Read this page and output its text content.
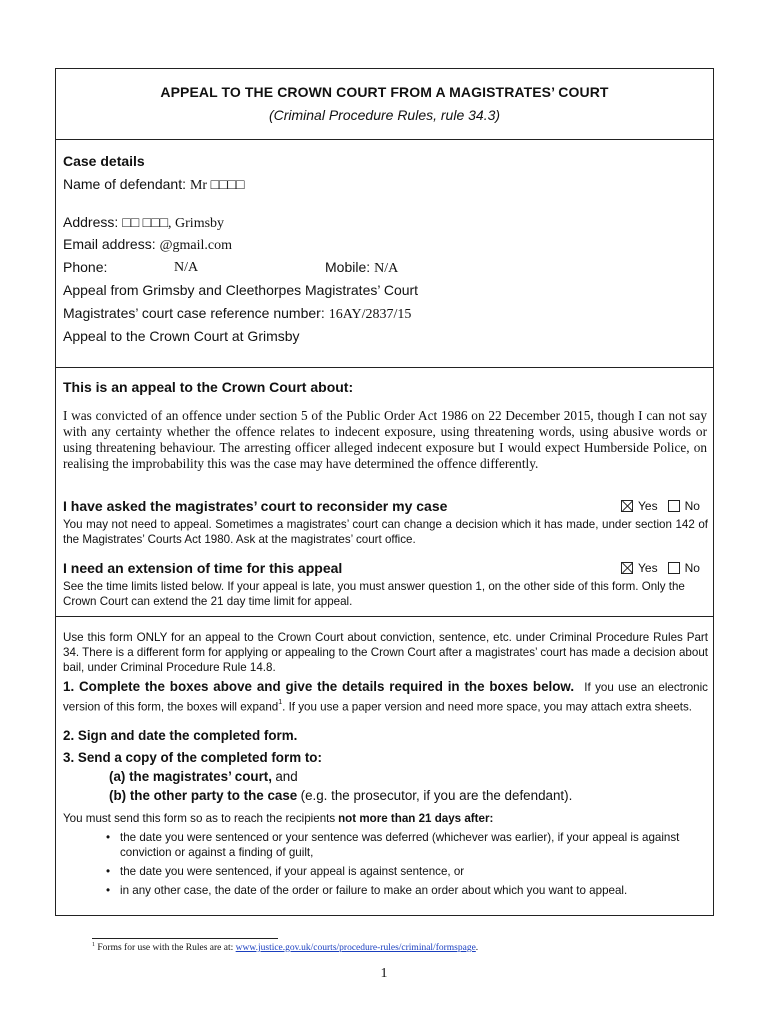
APPEAL TO THE CROWN COURT FROM A MAGISTRATES’ COURT
(Criminal Procedure Rules, rule 34.3)
Case details
Name of defendant: Mr □□□□
Address: □□ □□□, Grimsby
Email address: @gmail.com
Phone:	N/A	Mobile: N/A
Appeal from Grimsby and Cleethorpes Magistrates’ Court
Magistrates’ court case reference number: 16AY/2837/15
Appeal to the Crown Court at Grimsby
This is an appeal to the Crown Court about:
I was convicted of an offence under section 5 of the Public Order Act 1986 on 22 December 2015, though I can not say with any certainty whether the offence relates to indecent exposure, using threatening words, using abusive words or using threatening behaviour. The arresting officer alleged indecent exposure but I would expect Humberside Police, on realising the improbability this was the case may have determined the offence differently.
I have asked the magistrates’ court to reconsider my case	Yes No
You may not need to appeal. Sometimes a magistrates’ court can change a decision which it has made, under section 142 of the Magistrates’ Courts Act 1980. Ask at the magistrates’ court office.
I need an extension of time for this appeal	Yes No
See the time limits listed below. If your appeal is late, you must answer question 1, on the other side of this form. Only the Crown Court can extend the 21 day time limit for appeal.
Use this form ONLY for an appeal to the Crown Court about conviction, sentence, etc. under Criminal Procedure Rules Part 34. There is a different form for applying or appealing to the Crown Court after a magistrates’ court has made a decision about bail, under Criminal Procedure Rule 14.8.
1. Complete the boxes above and give the details required in the boxes below. If you use an electronic version of this form, the boxes will expand$^1$. If you use a paper version and need more space, you may attach extra sheets.
2. Sign and date the completed form.
3. Send a copy of the completed form to:
(a) the magistrates’ court, and
(b) the other party to the case (e.g. the prosecutor, if you are the defendant).
You must send this form so as to reach the recipients not more than 21 days after:
• the date you were sentenced or your sentence was deferred (whichever was earlier), if your appeal is against conviction or against a finding of guilt,
• the date you were sentenced, if your appeal is against sentence, or
• in any other case, the date of the order or failure to make an order about which you want to appeal.
$^1$ Forms for use with the Rules are at: www.justice.gov.uk/courts/procedure-rules/criminal/formspage.
1
